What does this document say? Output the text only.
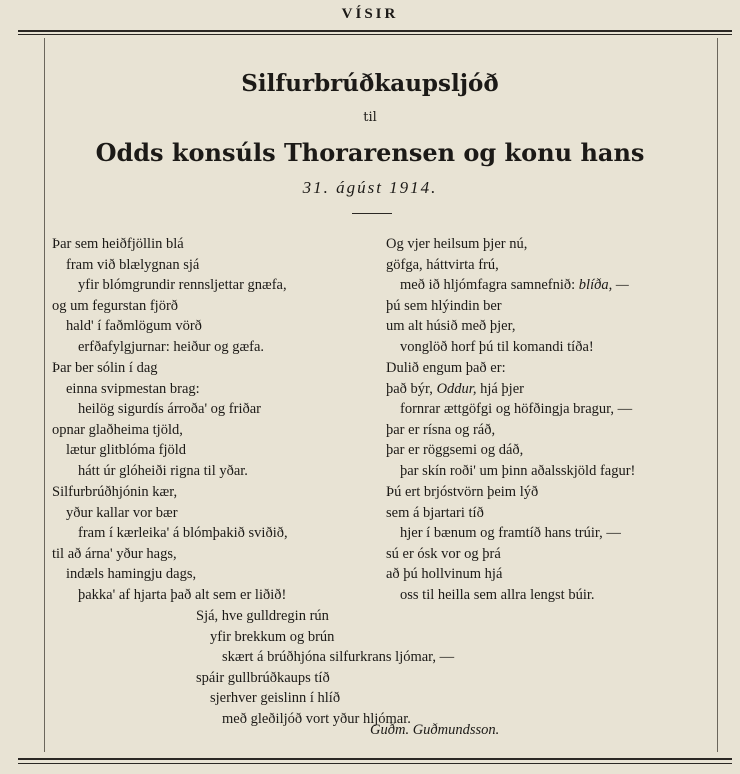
VÍSIR
Silfurbrúðkaupsljóð
til
Odds konsúls Thorarensen og konu hans
31. ágúst 1914.
Þar sem heiðfjöllin blá
fram við blælygnan sjá
yfir blómgrundir rennsljettar gnæfa,
og um fegurstan fjörð
hald' í faðmlögum vörð
erfðafylgjurnar: heiður og gæfa.
Þar ber sólin í dag
einna svipmestan brag:
heilög sigurdís árroða' og friðar
opnar glaðheima tjöld,
lætur glitblóma fjöld
hátt úr glóheiði rigna til yðar.
Silfurbrúðhjónin kær,
yður kallar vor bær
fram í kærleika' á blómþakið sviðið,
til að árna' yður hags,
indæls hamingju dags,
þakka' af hjarta það alt sem er liðið!
Og vjer heilsum þjer nú,
göfga, háttvirta frú,
með ið hljómfagra samnefnið: blíða, —
þú sem hlýindin ber
um alt húsið með þjer,
vonglöð horf þú til komandi tíða!
Dulið engum það er:
það býr, Oddur, hjá þjer
fornrar ættgöfgi og höfðingja bragur, —
þar er rísna og ráð,
þar er röggsemi og dáð,
þar skín roði' um þinn aðalsskjöld fagur!
Þú ert brjóstvörn þeim lýð
sem á bjartari tíð
hjer í bænum og framtíð hans trúir, —
sú er ósk vor og þrá
að þú hollvinum hjá
oss til heilla sem allra lengst búir.
Sjá, hve gulldregin rún
yfir brekkum og brún
skært á brúðhjóna silfurkrans ljómar, —
spáir gullbrúðkaups tíð
sjerhver geislinn í hlíð
með gleðiljóð vort yður hljómar.
Guðm. Guðmundsson.
